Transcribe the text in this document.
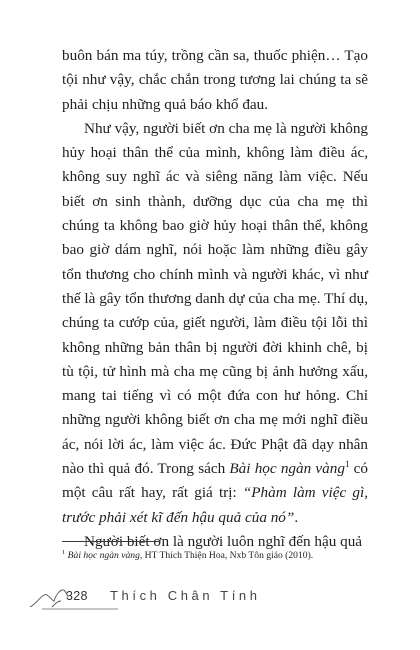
buôn bán ma túy, trồng cần sa, thuốc phiện… Tạo tội như vậy, chắc chắn trong tương lai chúng ta sẽ phải chịu những quả báo khổ đau.

Như vậy, người biết ơn cha mẹ là người không hủy hoại thân thể của mình, không làm điều ác, không suy nghĩ ác và siêng năng làm việc. Nếu biết ơn sinh thành, dưỡng dục của cha mẹ thì chúng ta không bao giờ hủy hoại thân thể, không bao giờ dám nghĩ, nói hoặc làm những điều gây tổn thương cho chính mình và người khác, vì như thế là gây tổn thương danh dự của cha mẹ. Thí dụ, chúng ta cướp của, giết người, làm điều tội lỗi thì không những bản thân bị người đời khinh chê, bị tù tội, tử hình mà cha mẹ cũng bị ảnh hưởng xấu, mang tai tiếng vì có một đứa con hư hỏng. Chỉ những người không biết ơn cha mẹ mới nghĩ điều ác, nói lời ác, làm việc ác. Đức Phật đã dạy nhân nào thì quả đó. Trong sách Bài học ngàn vàng$^1$ có một câu rất hay, rất giá trị: “Phàm làm việc gì, trước phải xét kĩ đến hậu quả của nó”.

Người biết ơn là người luôn nghĩ đến hậu quả

$^1$ Bài học ngàn vàng, HT Thích Thiện Hoa, Nxb Tôn giáo (2010).
328 Thích Chân Tính
